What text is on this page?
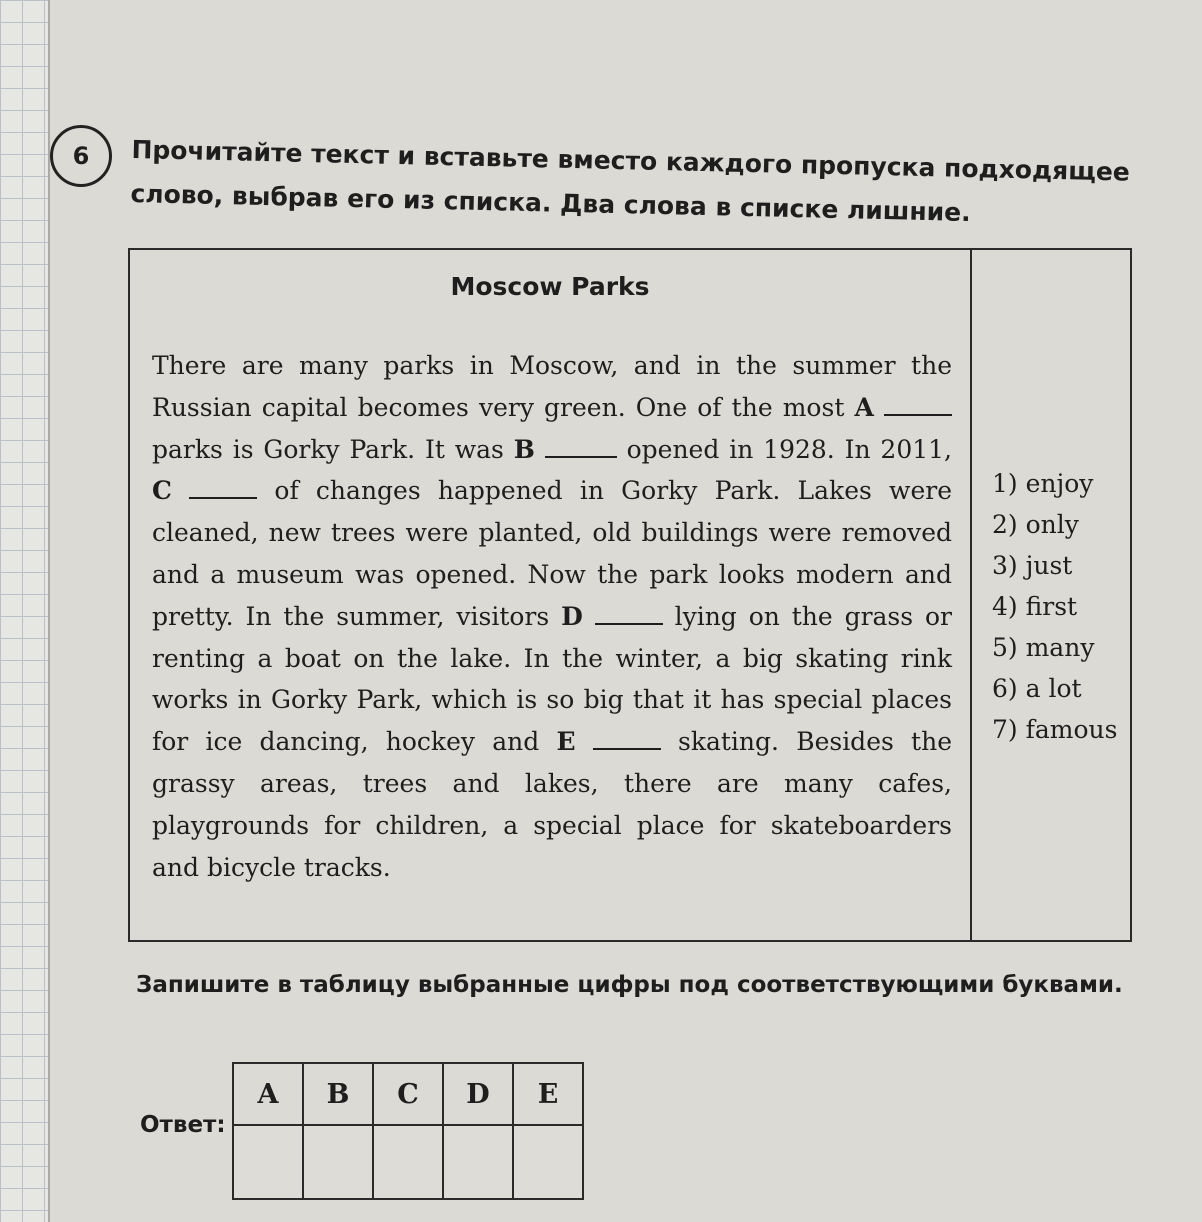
6 Прочитайте текст и вставьте вместо каждого пропуска подходящее слово, выбрав его из списка. Два слова в списке лишние.
Moscow Parks
There are many parks in Moscow, and in the summer the Russian capital becomes very green. One of the most A  parks is Gorky Park. It was B	opened in 1928. In 2011, C	of changes happened in Gorky Park. Lakes were cleaned, new trees were planted, old buildings were removed and a museum was opened. Now the park looks modern and pretty. In the summer, visitors D	lying on the grass or renting a boat on the lake. In the winter, a big skating rink works in Gorky Park, which is so big that it has special places for ice dancing, hockey and E	skating. Besides the grassy areas, trees and lakes, there are many cafes, playgrounds for children, a special place for skateboarders and bicycle tracks.
1) enjoy
2) only
3) just
4) first
5) many
6) a lot
7) famous
Запишите в таблицу выбранные цифры под соответствующими буквами.
Ответ:
A	B	C	D	E
